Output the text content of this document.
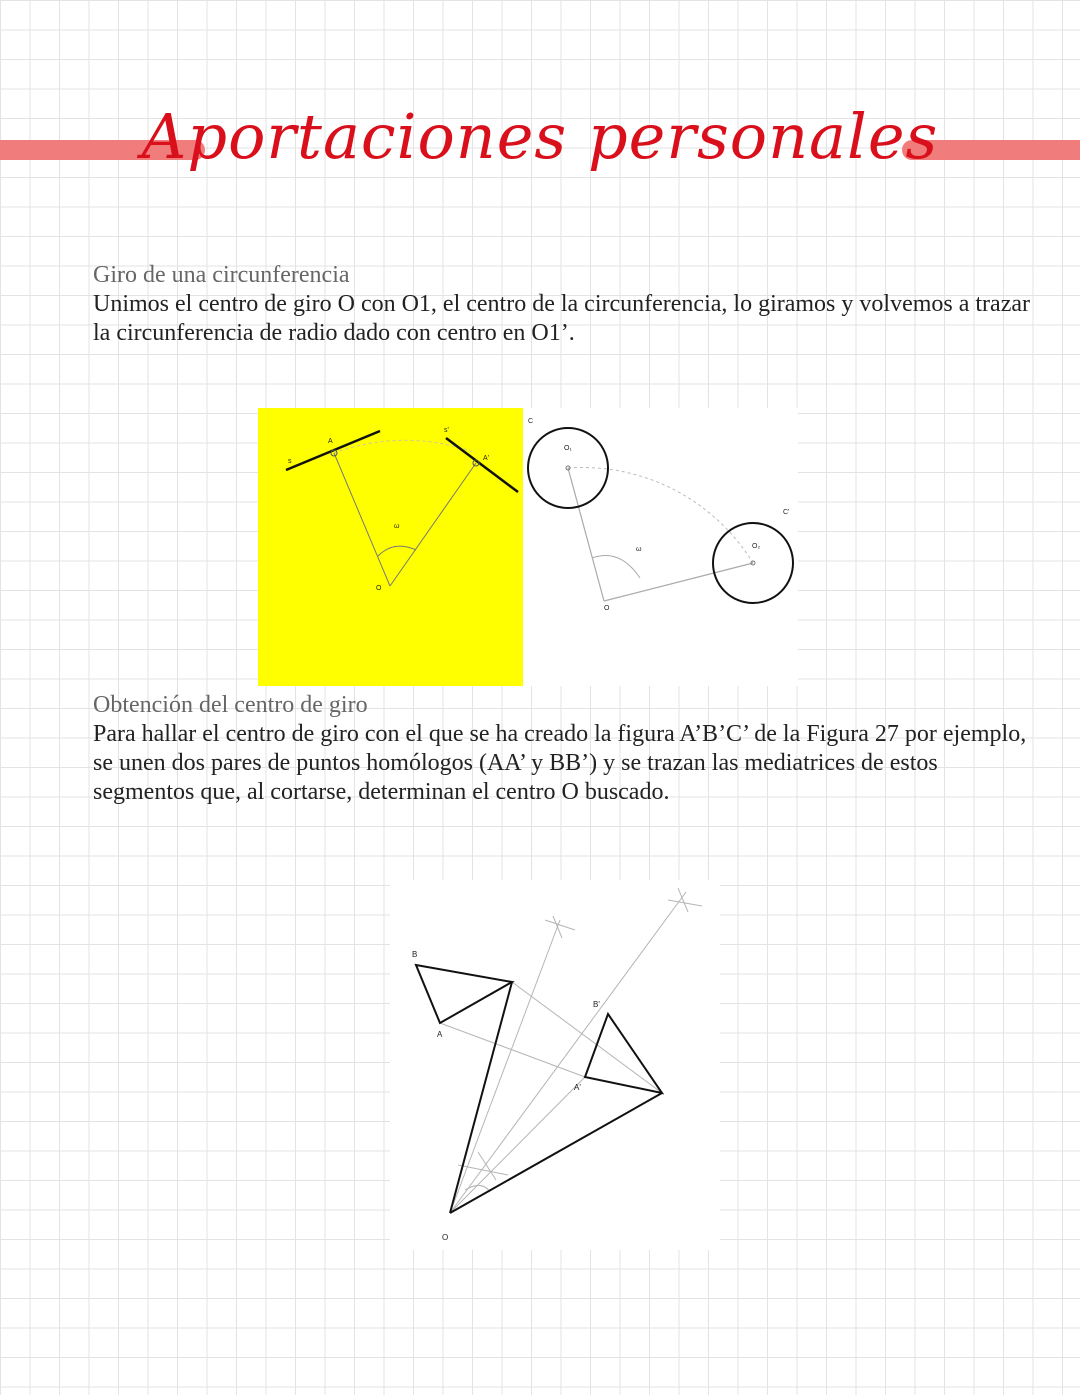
Aportaciones personales
Giro de una circunferencia

Unimos el centro de giro O con O1, el centro de la circunferencia, lo giramos y volvemos a trazar la circunferencia de radio dado con centro en O1’.

s
A
s'
A'
ω
O
C
O₁
ω
O
O₂
C'
Obtención del centro de giro

Para hallar el centro de giro con el que se ha creado la figura A’B’C’ de la Figura 27 por ejemplo, se unen dos pares de puntos homólogos (AA’ y BB’) y se trazan las mediatrices de estos segmentos que, al cortarse, determinan el centro O buscado.

B
A
B'
A'
O
